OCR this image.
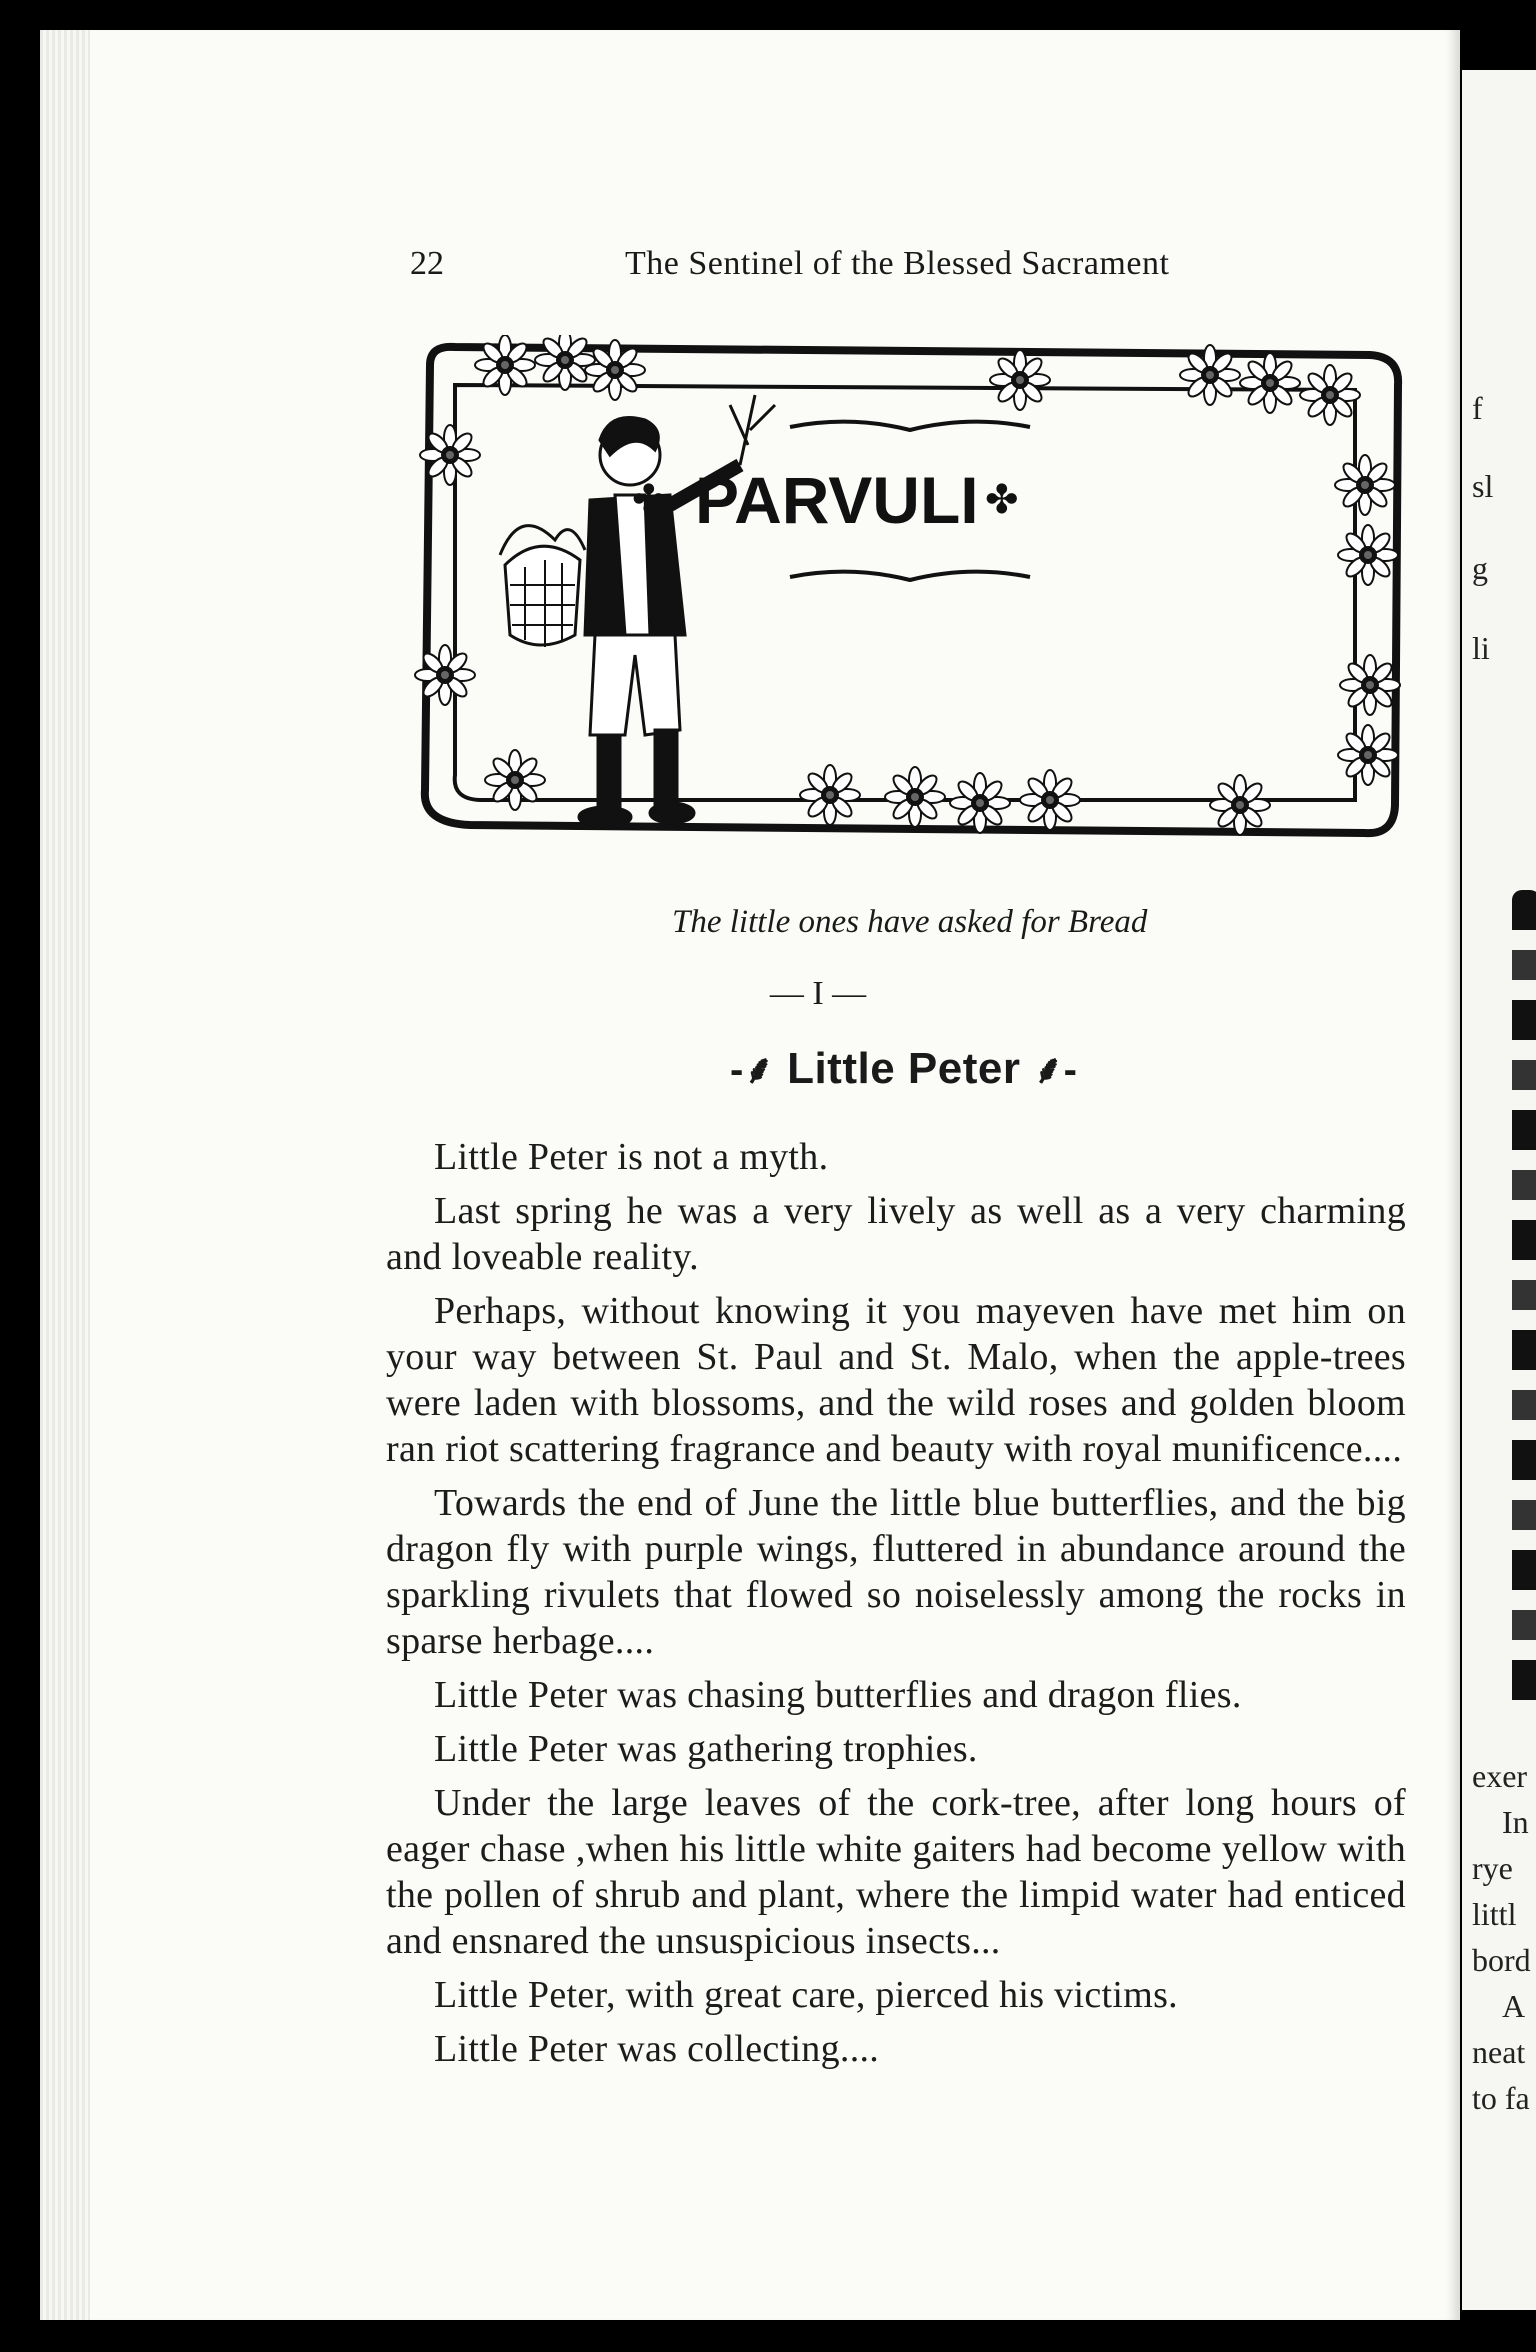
f
sl
g
li
exer
In
rye
littl
bord
A
neat
to fa
22	The Sentinel of the Blessed Sacrament
✤	✤
PARVULI
The little ones have asked for Bread
— I —
-⸙ Little Peter ⸙-

Little Peter is not a myth.

Last spring he was a very lively as well as a very charming and loveable reality.

Perhaps, without knowing it you mayeven have met him on your way between St. Paul and St. Malo, when the apple-trees were laden with blossoms, and the wild roses and golden bloom ran riot scattering fragrance and beauty with royal munificence....

Towards the end of June the little blue butterflies, and the big dragon fly with purple wings, fluttered in abundance around the sparkling rivulets that flowed so noiselessly among the rocks in sparse herbage....

Little Peter was chasing butterflies and dragon flies.

Little Peter was gathering trophies.

Under the large leaves of the cork-tree, after long hours of eager chase ,when his little white gaiters had become yellow with the pollen of shrub and plant, where the limpid water had enticed and ensnared the unsuspicious insects...

Little Peter, with great care, pierced his victims.

Little Peter was collecting....
